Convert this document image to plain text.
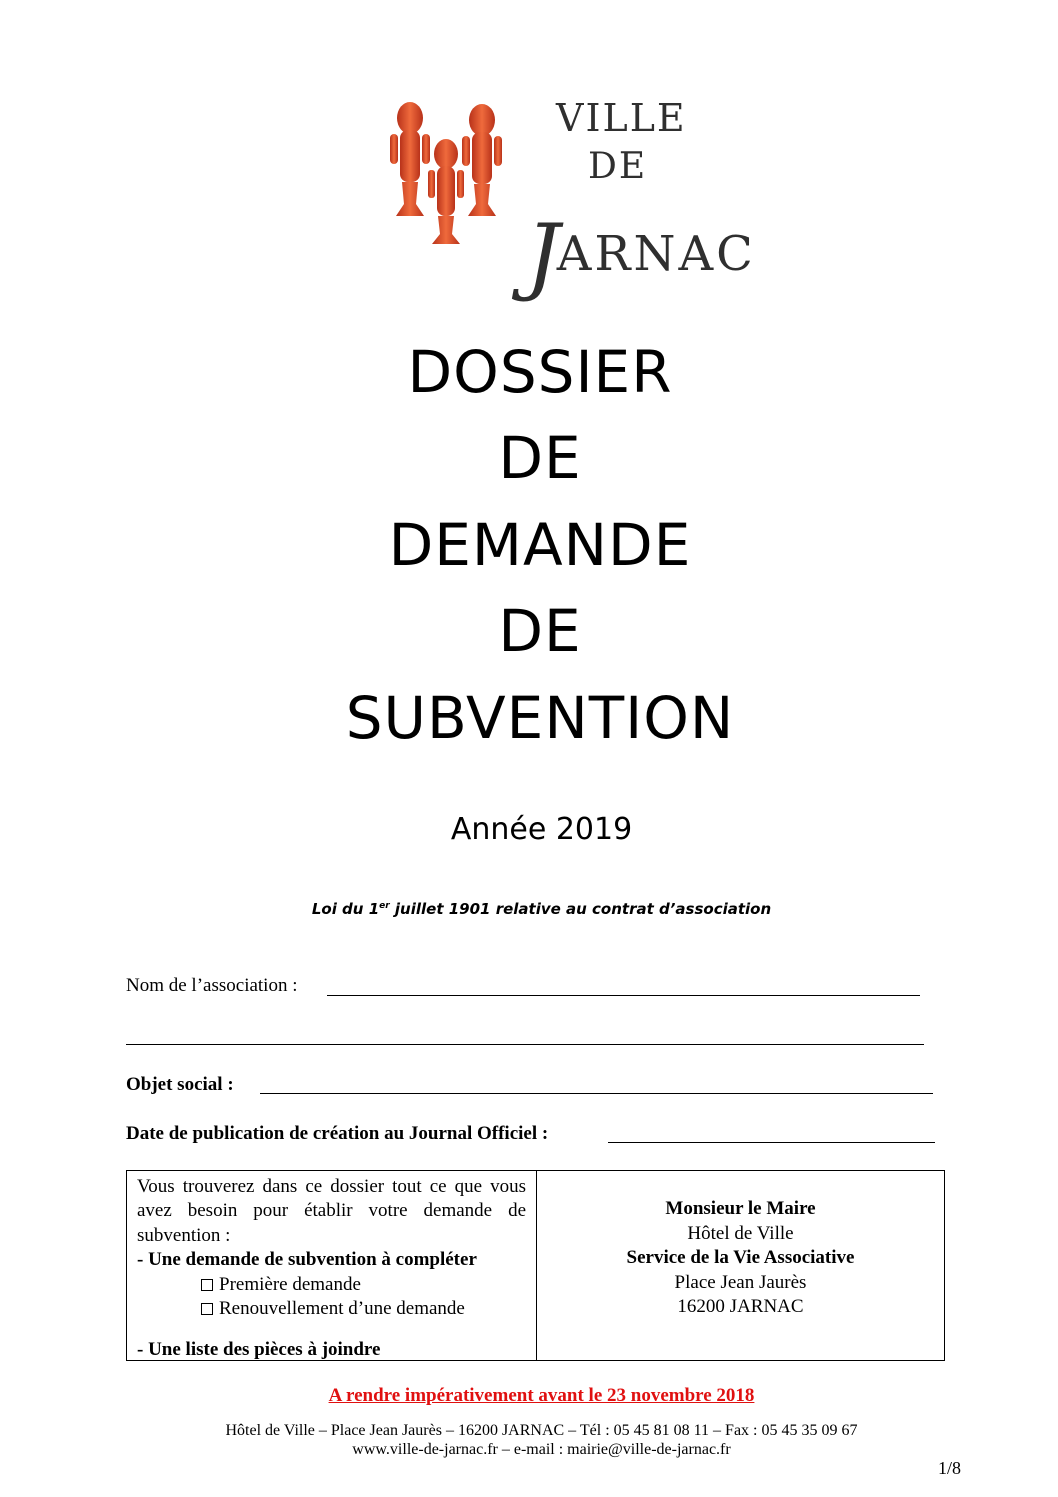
VILLE
DE
JARNAC
DOSSIER
DE
DEMANDE
DE
SUBVENTION
Année 2019
Loi du 1er juillet 1901 relative au contrat d’association
Nom de l’association :
Objet social :
Date de publication de création au Journal Officiel :
Vous trouverez dans ce dossier tout ce que vous avez besoin pour établir votre demande de subvention :
- Une demande de subvention à compléter
Première demande
Renouvellement d’une demande
- Une liste des pièces à joindre
Monsieur le Maire
Hôtel de Ville
Service de la Vie Associative
Place Jean Jaurès
16200 JARNAC
A rendre impérativement avant le 23 novembre 2018
Hôtel de Ville – Place Jean Jaurès – 16200 JARNAC – Tél : 05 45 81 08 11 – Fax : 05 45 35 09 67
www.ville-de-jarnac.fr – e-mail : mairie@ville-de-jarnac.fr
1/8
